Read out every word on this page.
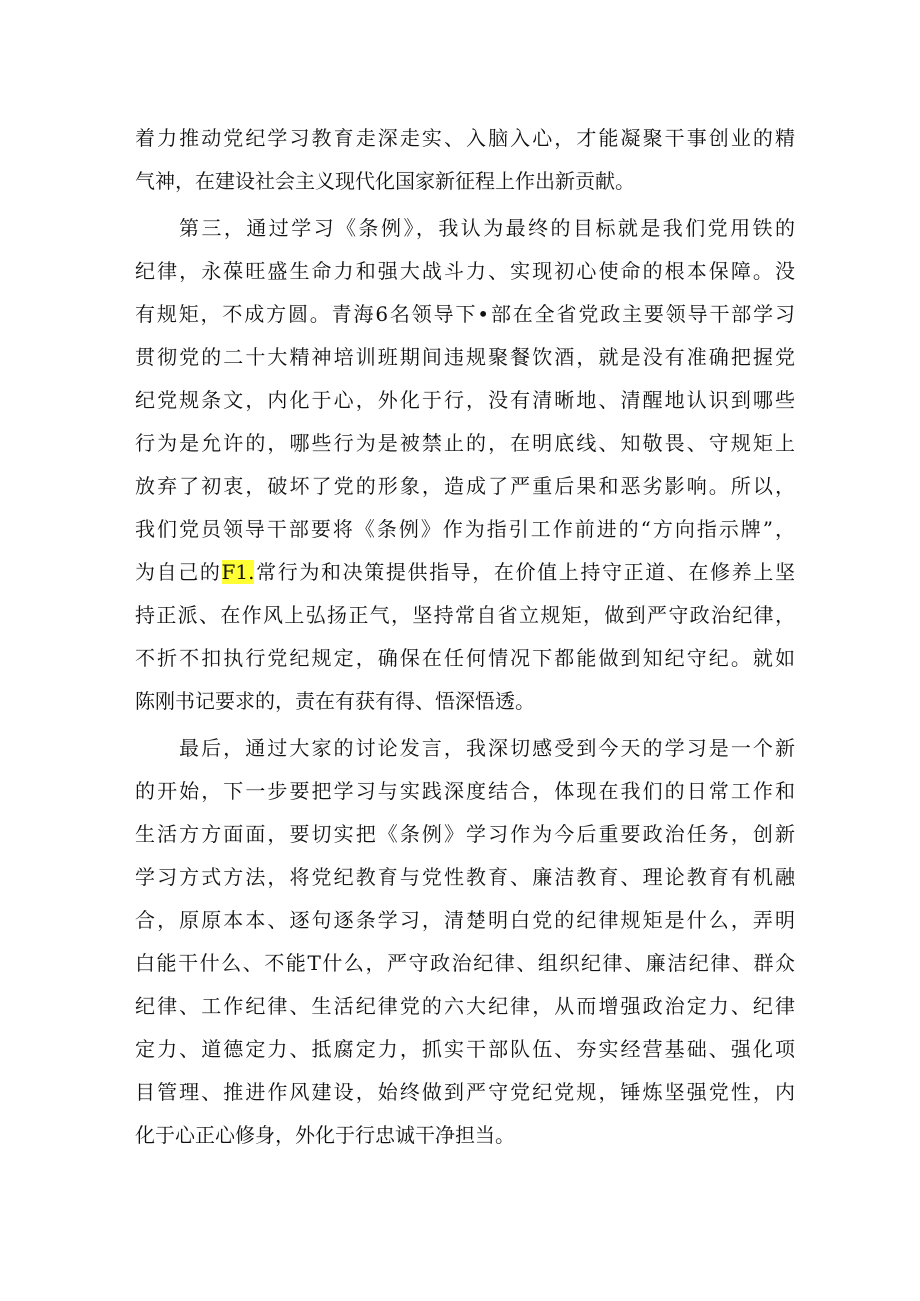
着力推动党纪学习教育走深走实、入脑入心，才能凝聚干事创业的精
气神，在建设社会主义现代化国家新征程上作出新贡献。
第三，通过学习《条例》，我认为最终的目标就是我们党用铁的
纪律，永葆旺盛生命力和强大战斗力、实现初心使命的根本保障。没
有规矩，不成方圆。青海6名领导下•部在全省党政主要领导干部学习
贯彻党的二十大精神培训班期间违规聚餐饮酒，就是没有准确把握党
纪党规条文，内化于心，外化于行，没有清晰地、清醒地认识到哪些
行为是允许的，哪些行为是被禁止的，在明底线、知敬畏、守规矩上
放弃了初衷，破坏了党的形象，造成了严重后果和恶劣影响。所以，
我们党员领导干部要将《条例》作为指引工作前进的“方向指示牌”，
为自己的F1.常行为和决策提供指导，在价值上持守正道、在修养上坚
持正派、在作风上弘扬正气，坚持常自省立规矩，做到严守政治纪律，
不折不扣执行党纪规定，确保在任何情况下都能做到知纪守纪。就如
陈刚书记要求的，责在有获有得、悟深悟透。
最后，通过大家的讨论发言，我深切感受到今天的学习是一个新
的开始，下一步要把学习与实践深度结合，体现在我们的日常工作和
生活方方面面，要切实把《条例》学习作为今后重要政治任务，创新
学习方式方法，将党纪教育与党性教育、廉洁教育、理论教育有机融
合，原原本本、逐句逐条学习，清楚明白党的纪律规矩是什么，弄明
白能干什么、不能T什么，严守政治纪律、组织纪律、廉洁纪律、群众
纪律、工作纪律、生活纪律党的六大纪律，从而增强政治定力、纪律
定力、道德定力、抵腐定力，抓实干部队伍、夯实经营基础、强化项
目管理、推进作风建设，始终做到严守党纪党规，锤炼坚强党性，内
化于心正心修身，外化于行忠诚干净担当。
